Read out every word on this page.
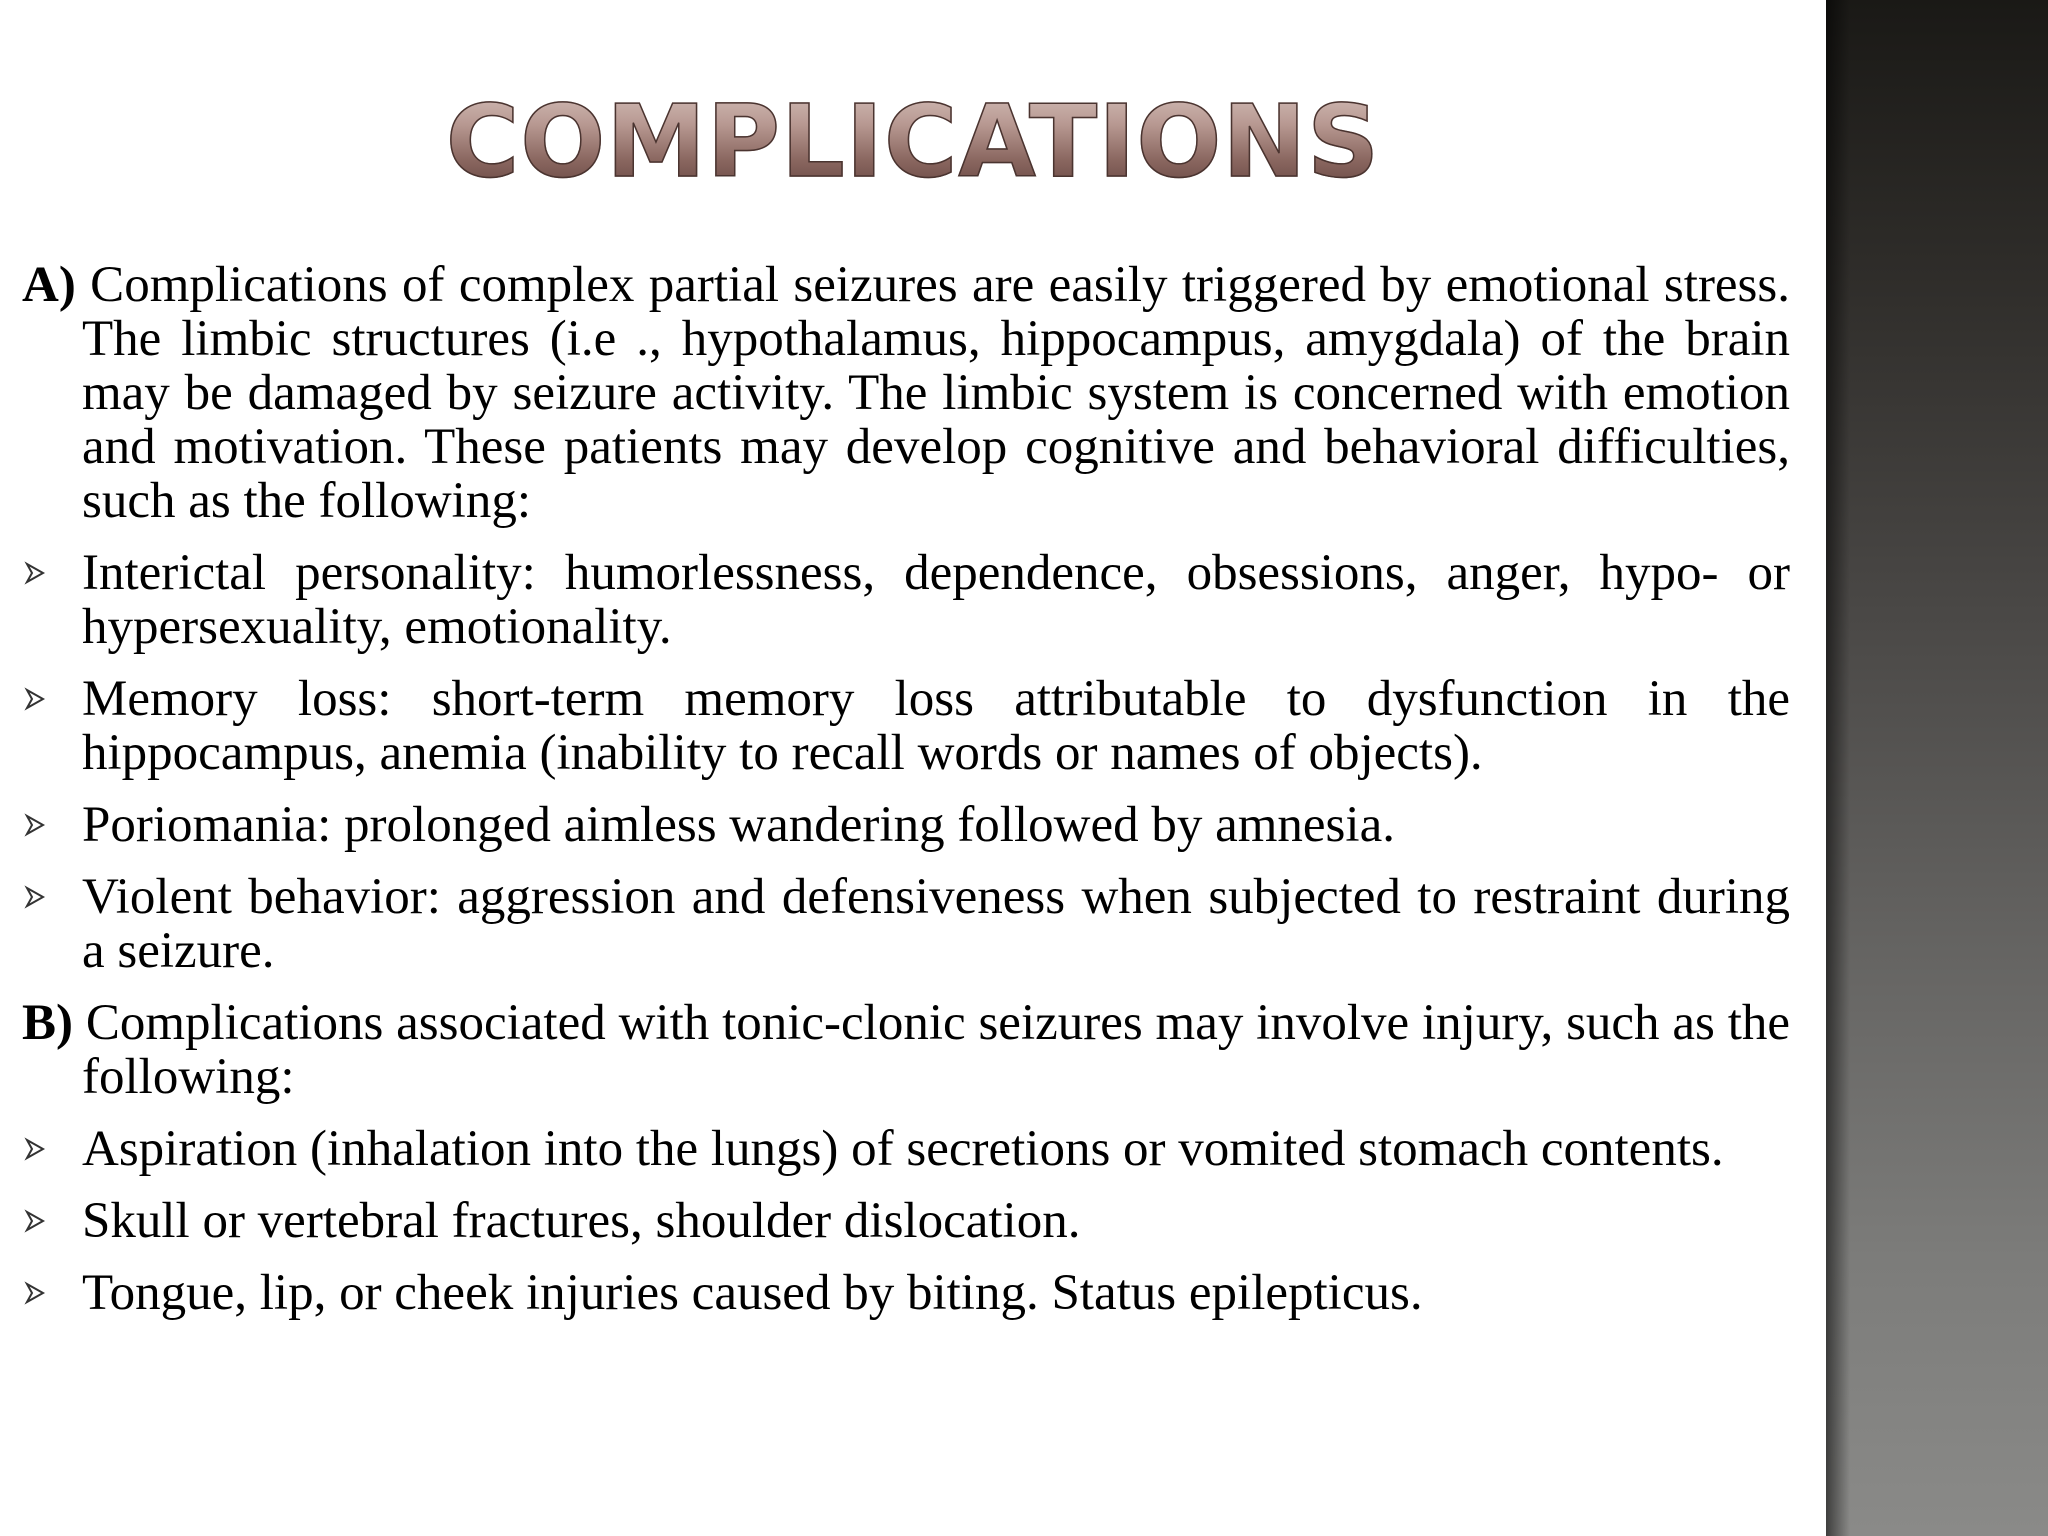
COMPLICATIONS

A) Complications of complex partial seizures are easily triggered by emotional stress. The limbic structures (i.e ., hypothalamus, hippocampus, amygdala) of the brain may be damaged by seizure activity. The limbic system is concerned with emotion and motivation. These patients may develop cognitive and behavioral difficulties, such as the following:

Interictal personality: humorlessness, dependence, obsessions, anger, hypo- or hypersexuality, emotionality.
Memory loss: short-term memory loss attributable to dysfunction in the hippocampus, anemia (inability to recall words or names of objects).
Poriomania: prolonged aimless wandering followed by amnesia.
Violent behavior: aggression and defensiveness when subjected to restraint during a seizure.

B) Complications associated with tonic-clonic seizures may involve injury, such as the following:

Aspiration (inhalation into the lungs) of secretions or vomited stomach contents.
Skull or vertebral fractures, shoulder dislocation.
Tongue, lip, or cheek injuries caused by biting. Status epilepticus.
